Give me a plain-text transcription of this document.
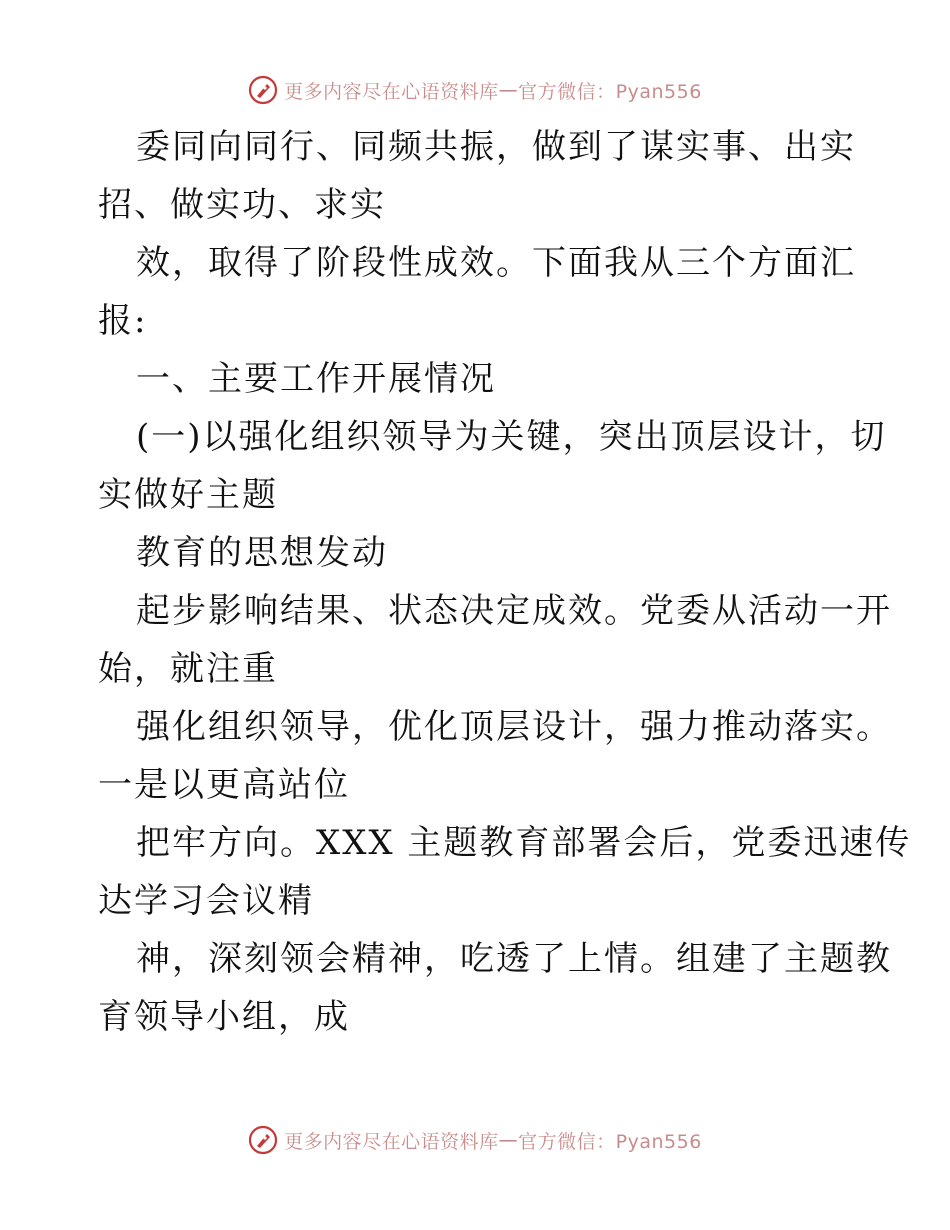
更多内容尽在心语资料库 — 官方微信：Pyan556
委同向同行、同频共振，做到了谋实事、出实
招、做实功、求实
效，取得了阶段性成效。下面我从三个方面汇
报:
一、主要工作开展情况
(一)以强化组织领导为关键，突出顶层设计，切
实做好主题
教育的思想发动
起步影响结果、状态决定成效。党委从活动一开
始，就注重
强化组织领导，优化顶层设计，强力推动落实。
一是以更高站位
把牢方向。XXX 主题教育部署会后，党委迅速传
达学习会议精
神，深刻领会精神，吃透了上情。组建了主题教
育领导小组，成
更多内容尽在心语资料库 — 官方微信：Pyan556
